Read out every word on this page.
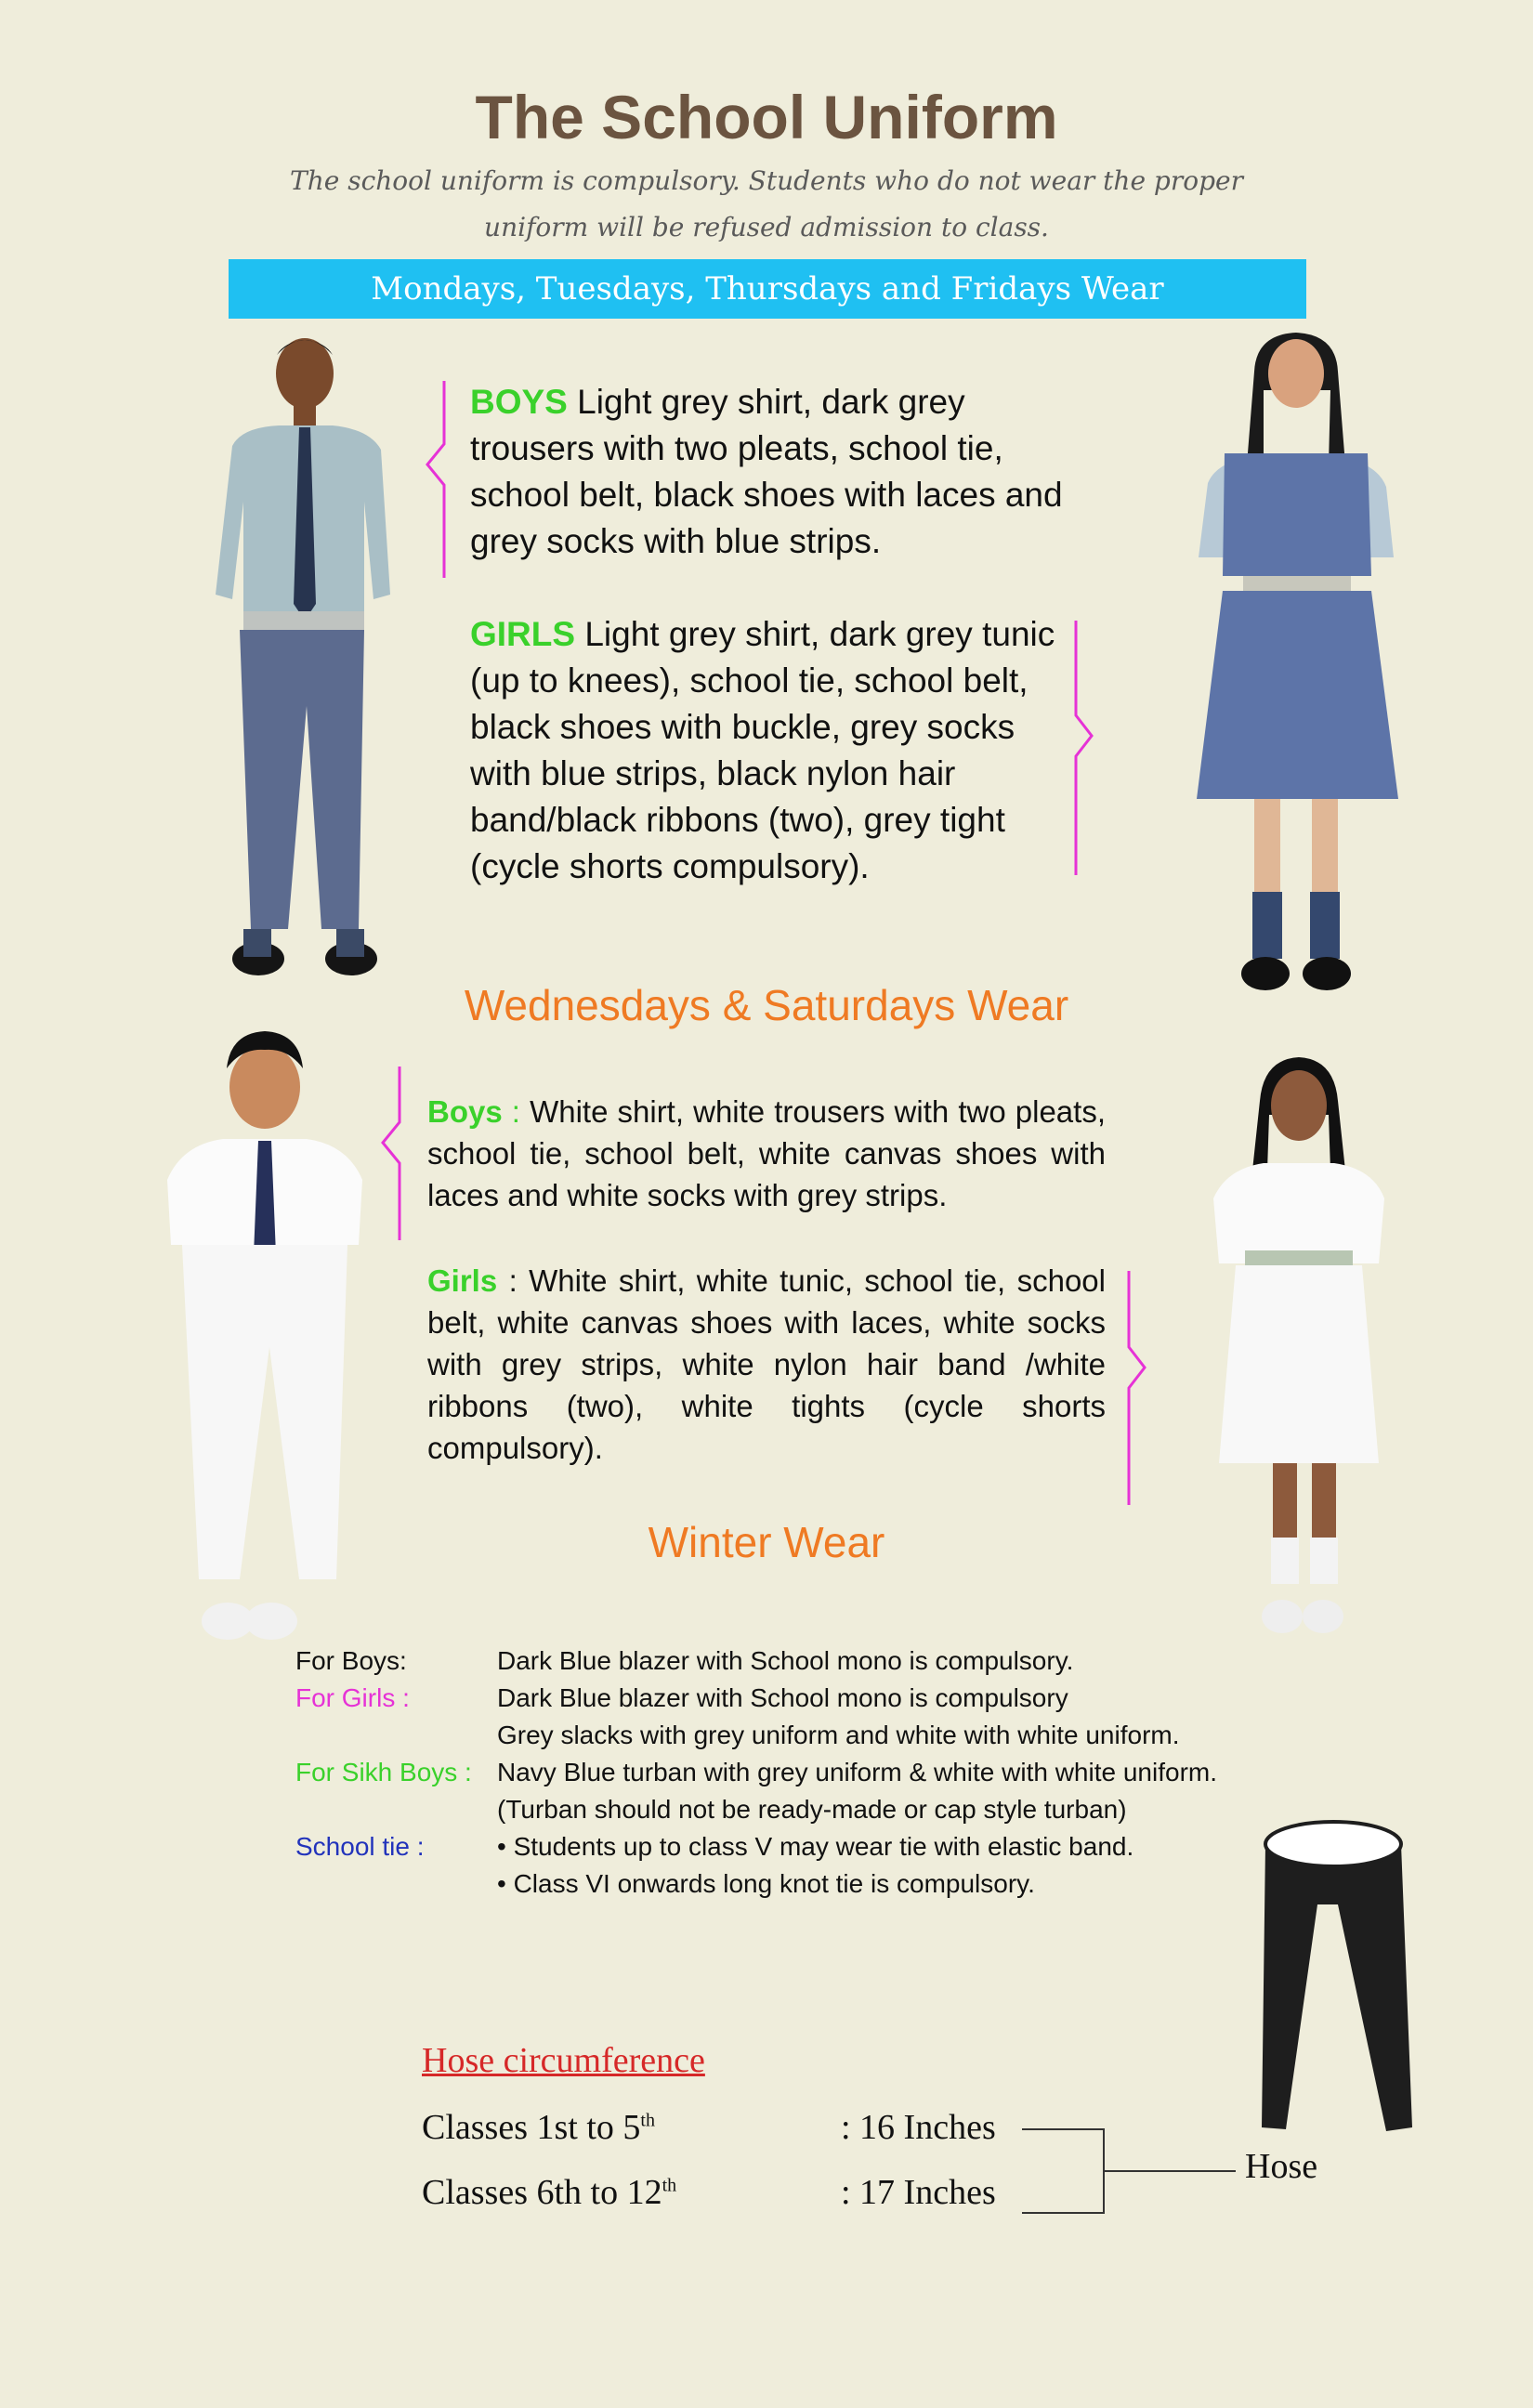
The School Uniform
The school uniform is compulsory. Students who do not wear the proper uniform will be refused admission to class.
Mondays, Tuesdays, Thursdays and Fridays Wear
BOYS Light grey shirt, dark grey trousers with two pleats, school tie, school belt, black shoes with laces and grey socks with blue strips.
GIRLS Light grey shirt, dark grey tunic (up to knees), school tie, school belt, black shoes with buckle, grey socks with blue strips, black nylon hair band/black ribbons (two), grey tight (cycle shorts compulsory).
Wednesdays & Saturdays Wear
Boys : White shirt, white trousers with two pleats, school tie, school belt, white canvas shoes with laces and white socks with grey strips.
Girls : White shirt, white tunic, school tie, school belt, white canvas shoes with laces, white socks with grey strips, white nylon hair band /white ribbons (two), white tights (cycle shorts compulsory).
Winter Wear
For Boys:	Dark Blue blazer with School mono is compulsory.
For Girls :	Dark Blue blazer with School mono is compulsory
Grey slacks with grey uniform and white with white uniform.
For Sikh Boys : Navy Blue turban with grey uniform & white with white uniform.
(Turban should not be ready-made or cap style turban)
School tie :	• Students up to class V may wear tie with elastic band.
• Class VI onwards long knot tie is compulsory.
Hose circumference
Classes 1st to 5th	: 16 Inches
Classes 6th to 12th	: 17 Inches
Hose
